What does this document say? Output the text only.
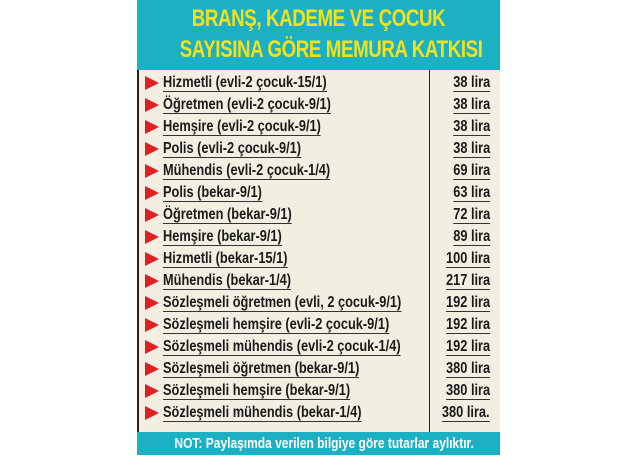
BRANŞ, KADEME VE ÇOCUK
SAYISINA GÖRE MEMURA KATKISI
Hizmetli (evli-2 çocuk-15/1)	38 lira
Öğretmen (evli-2 çocuk-9/1)	38 lira
Hemşire (evli-2 çocuk-9/1)	38 lira
Polis (evli-2 çocuk-9/1)	38 lira
Mühendis (evli-2 çocuk-1/4)	69 lira
Polis (bekar-9/1)	63 lira
Öğretmen (bekar-9/1)	72 lira
Hemşire (bekar-9/1)	89 lira
Hizmetli (bekar-15/1)	100 lira
Mühendis (bekar-1/4)	217 lira
Sözleşmeli öğretmen (evli, 2 çocuk-9/1)	192 lira
Sözleşmeli hemşire (evli-2 çocuk-9/1)	192 lira
Sözleşmeli mühendis (evli-2 çocuk-1/4)	192 lira
Sözleşmeli öğretmen (bekar-9/1)	380 lira
Sözleşmeli hemşire (bekar-9/1)	380 lira
Sözleşmeli mühendis (bekar-1/4)	380 lira.
NOT: Paylaşımda verilen bilgiye göre tutarlar aylıktır.
